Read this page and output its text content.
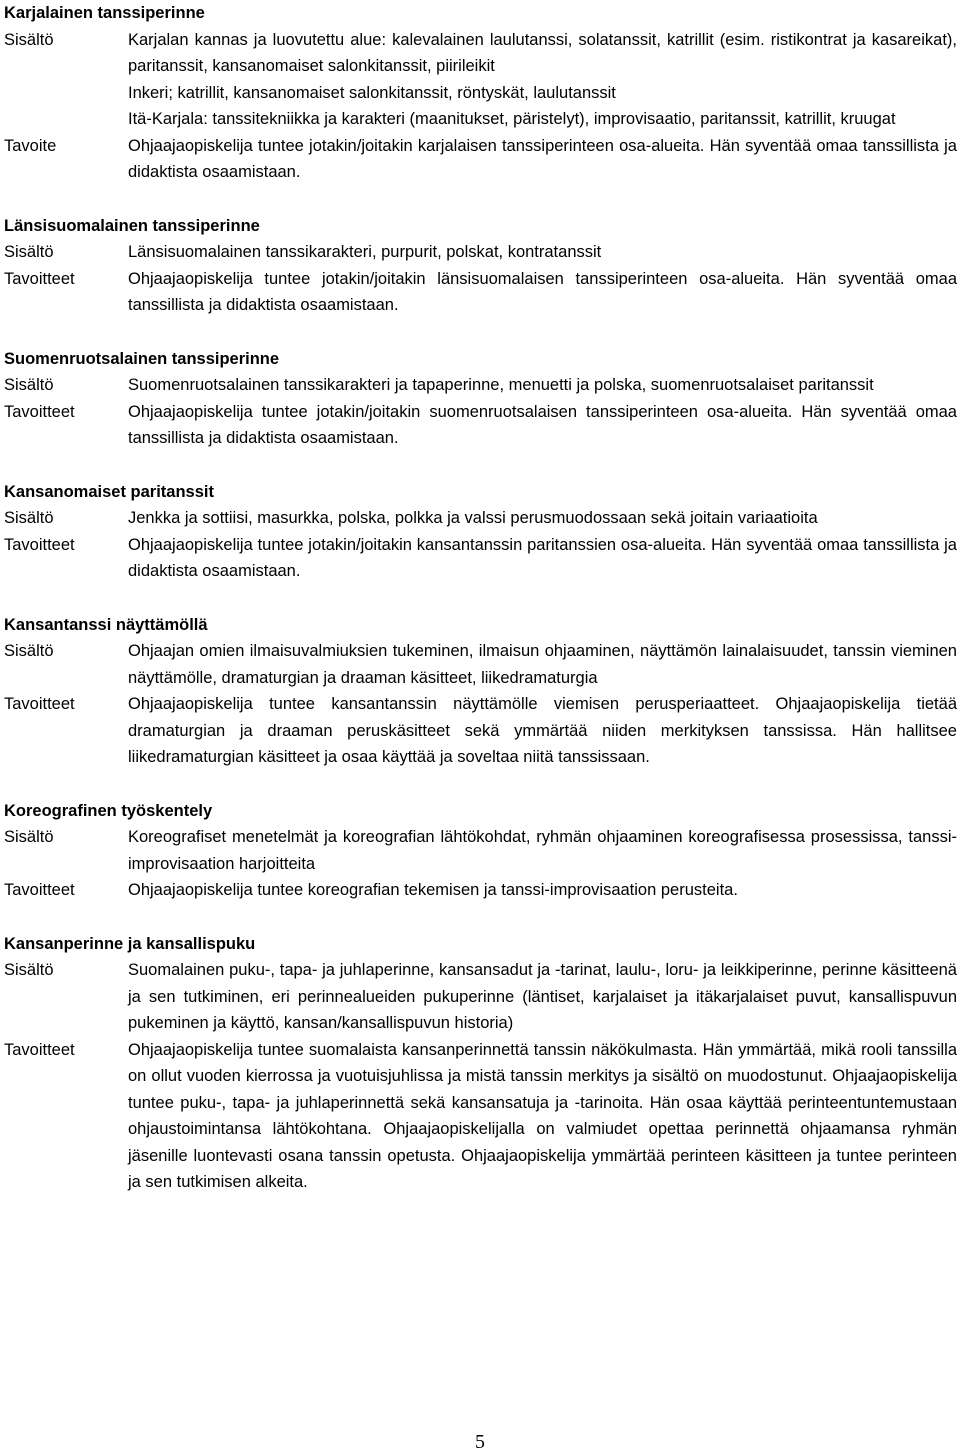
Karjalainen tanssiperinne
Sisältö	Karjalan kannas ja luovutettu alue: kalevalainen laulutanssi, solatanssit, katrillit (esim. ristikontrat ja kasareikat), paritanssit, kansanomaiset salonkitanssit, piirileikit
Inkeri; katrillit, kansanomaiset salonkitanssit, röntyskät, laulutanssit
Itä-Karjala: tanssitekniikka ja karakteri (maanitukset, päristelyt), improvisaatio, paritanssit, katrillit, kruugat
Tavoite	Ohjaajaopiskelija tuntee jotakin/joitakin karjalaisen tanssiperinteen osa-alueita. Hän syventää omaa tanssillista ja didaktista osaamistaan.
Länsisuomalainen tanssiperinne
Sisältö	Länsisuomalainen tanssikarakteri, purpurit, polskat, kontratanssit
Tavoitteet	Ohjaajaopiskelija tuntee jotakin/joitakin länsisuomalaisen tanssiperinteen osa-alueita. Hän syventää omaa tanssillista ja didaktista osaamistaan.
Suomenruotsalainen tanssiperinne
Sisältö	Suomenruotsalainen tanssikarakteri ja tapaperinne, menuetti ja polska, suomenruotsalaiset paritanssit
Tavoitteet	Ohjaajaopiskelija tuntee jotakin/joitakin suomenruotsalaisen tanssiperinteen osa-alueita. Hän syventää omaa tanssillista ja didaktista osaamistaan.
Kansanomaiset paritanssit
Sisältö	Jenkka ja sottiisi, masurkka, polska, polkka ja valssi perusmuodossaan sekä joitain variaatioita
Tavoitteet	Ohjaajaopiskelija tuntee jotakin/joitakin kansantanssin paritanssien osa-alueita. Hän syventää omaa tanssillista ja didaktista osaamistaan.
Kansantanssi näyttämöllä
Sisältö	Ohjaajan omien ilmaisuvalmiuksien tukeminen, ilmaisun ohjaaminen, näyttämön lainalaisuudet, tanssin vieminen näyttämölle, dramaturgian ja draaman käsitteet, liikedramaturgia
Tavoitteet	Ohjaajaopiskelija tuntee kansantanssin näyttämölle viemisen perusperiaatteet. Ohjaajaopiskelija tietää dramaturgian ja draaman peruskäsitteet sekä ymmärtää niiden merkityksen tanssissa. Hän hallitsee liikedramaturgian käsitteet ja osaa käyttää ja soveltaa niitä tanssissaan.
Koreografinen työskentely
Sisältö	Koreografiset menetelmät ja koreografian lähtökohdat, ryhmän ohjaaminen koreografisessa prosessissa, tanssi-improvisaation harjoitteita
Tavoitteet	Ohjaajaopiskelija tuntee koreografian tekemisen ja tanssi-improvisaation perusteita.
Kansanperinne ja kansallispuku
Sisältö	Suomalainen puku-, tapa- ja juhlaperinne, kansansadut ja -tarinat, laulu-, loru- ja leikkiperinne, perinne käsitteenä ja sen tutkiminen, eri perinnealueiden pukuperinne (läntiset, karjalaiset ja itäkarjalaiset puvut, kansallispuvun pukeminen ja käyttö, kansan/kansallispuvun historia)
Tavoitteet	Ohjaajaopiskelija tuntee suomalaista kansanperinnettä tanssin näkökulmasta. Hän ymmärtää, mikä rooli tanssilla on ollut vuoden kierrossa ja vuotuisjuhlissa ja mistä tanssin merkitys ja sisältö on muodostunut. Ohjaajaopiskelija tuntee puku-, tapa- ja juhlaperinnettä sekä kansansatuja ja -tarinoita. Hän osaa käyttää perinteentuntemustaan ohjaustoimintansa lähtökohtana. Ohjaajaopiskelijalla on valmiudet opettaa perinnettä ohjaamansa ryhmän jäsenille luontevasti osana tanssin opetusta. Ohjaajaopiskelija ymmärtää perinteen käsitteen ja tuntee perinteen ja sen tutkimisen alkeita.
5
